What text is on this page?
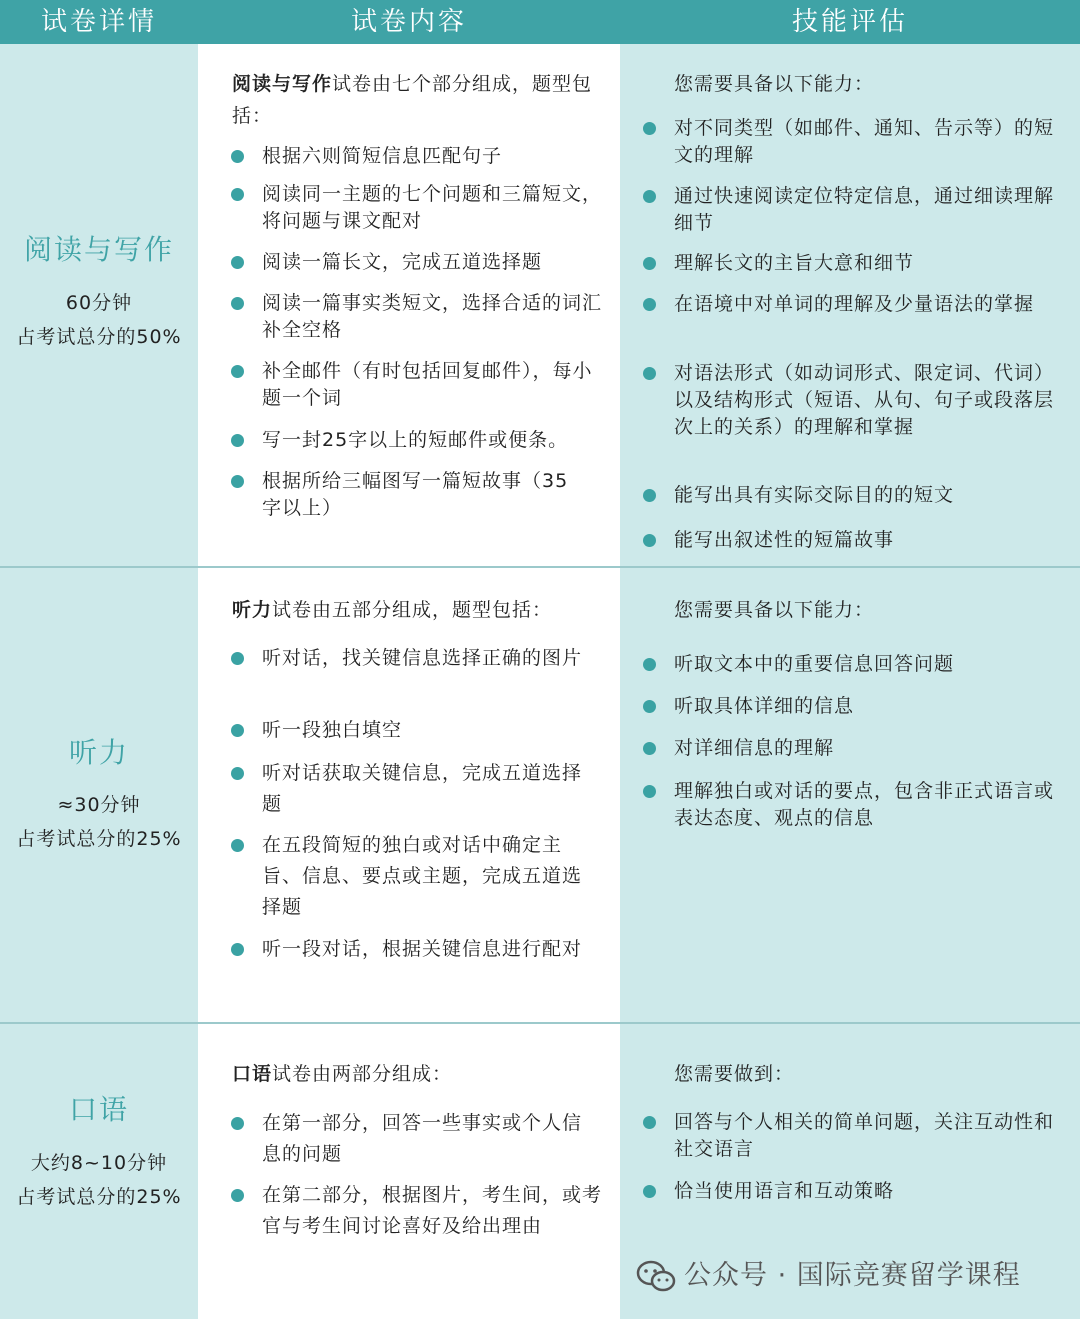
试卷详情	试卷内容	技能评估
阅读与写作
60分钟
占考试总分的50%
阅读与写作试卷由七个部分组成，题型包括：
根据六则简短信息匹配句子
阅读同一主题的七个问题和三篇短文，将问题与课文配对
阅读一篇长文，完成五道选择题
阅读一篇事实类短文，选择合适的词汇补全空格
补全邮件（有时包括回复邮件），每小题一个词
写一封25字以上的短邮件或便条。
根据所给三幅图写一篇短故事（35字以上）
您需要具备以下能力：
对不同类型（如邮件、通知、告示等）的短文的理解
通过快速阅读定位特定信息，通过细读理解细节
理解长文的主旨大意和细节
在语境中对单词的理解及少量语法的掌握
对语法形式（如动词形式、限定词、代词）以及结构形式（短语、从句、句子或段落层次上的关系）的理解和掌握
能写出具有实际交际目的的短文
能写出叙述性的短篇故事
听力
≈30分钟
占考试总分的25%
听力试卷由五部分组成，题型包括：
听对话，找关键信息选择正确的图片
听一段独白填空
听对话获取关键信息，完成五道选择题
在五段简短的独白或对话中确定主旨、信息、要点或主题，完成五道选择题
听一段对话，根据关键信息进行配对
您需要具备以下能力：
听取文本中的重要信息回答问题
听取具体详细的信息
对详细信息的理解
理解独白或对话的要点，包含非正式语言或表达态度、观点的信息
口语
大约8~10分钟
占考试总分的25%
口语试卷由两部分组成：
在第一部分，回答一些事实或个人信息的问题
在第二部分，根据图片，考生间，或考官与考生间讨论喜好及给出理由
您需要做到：
回答与个人相关的简单问题，关注互动性和社交语言
恰当使用语言和互动策略
公众号 · 国际竞赛留学课程
